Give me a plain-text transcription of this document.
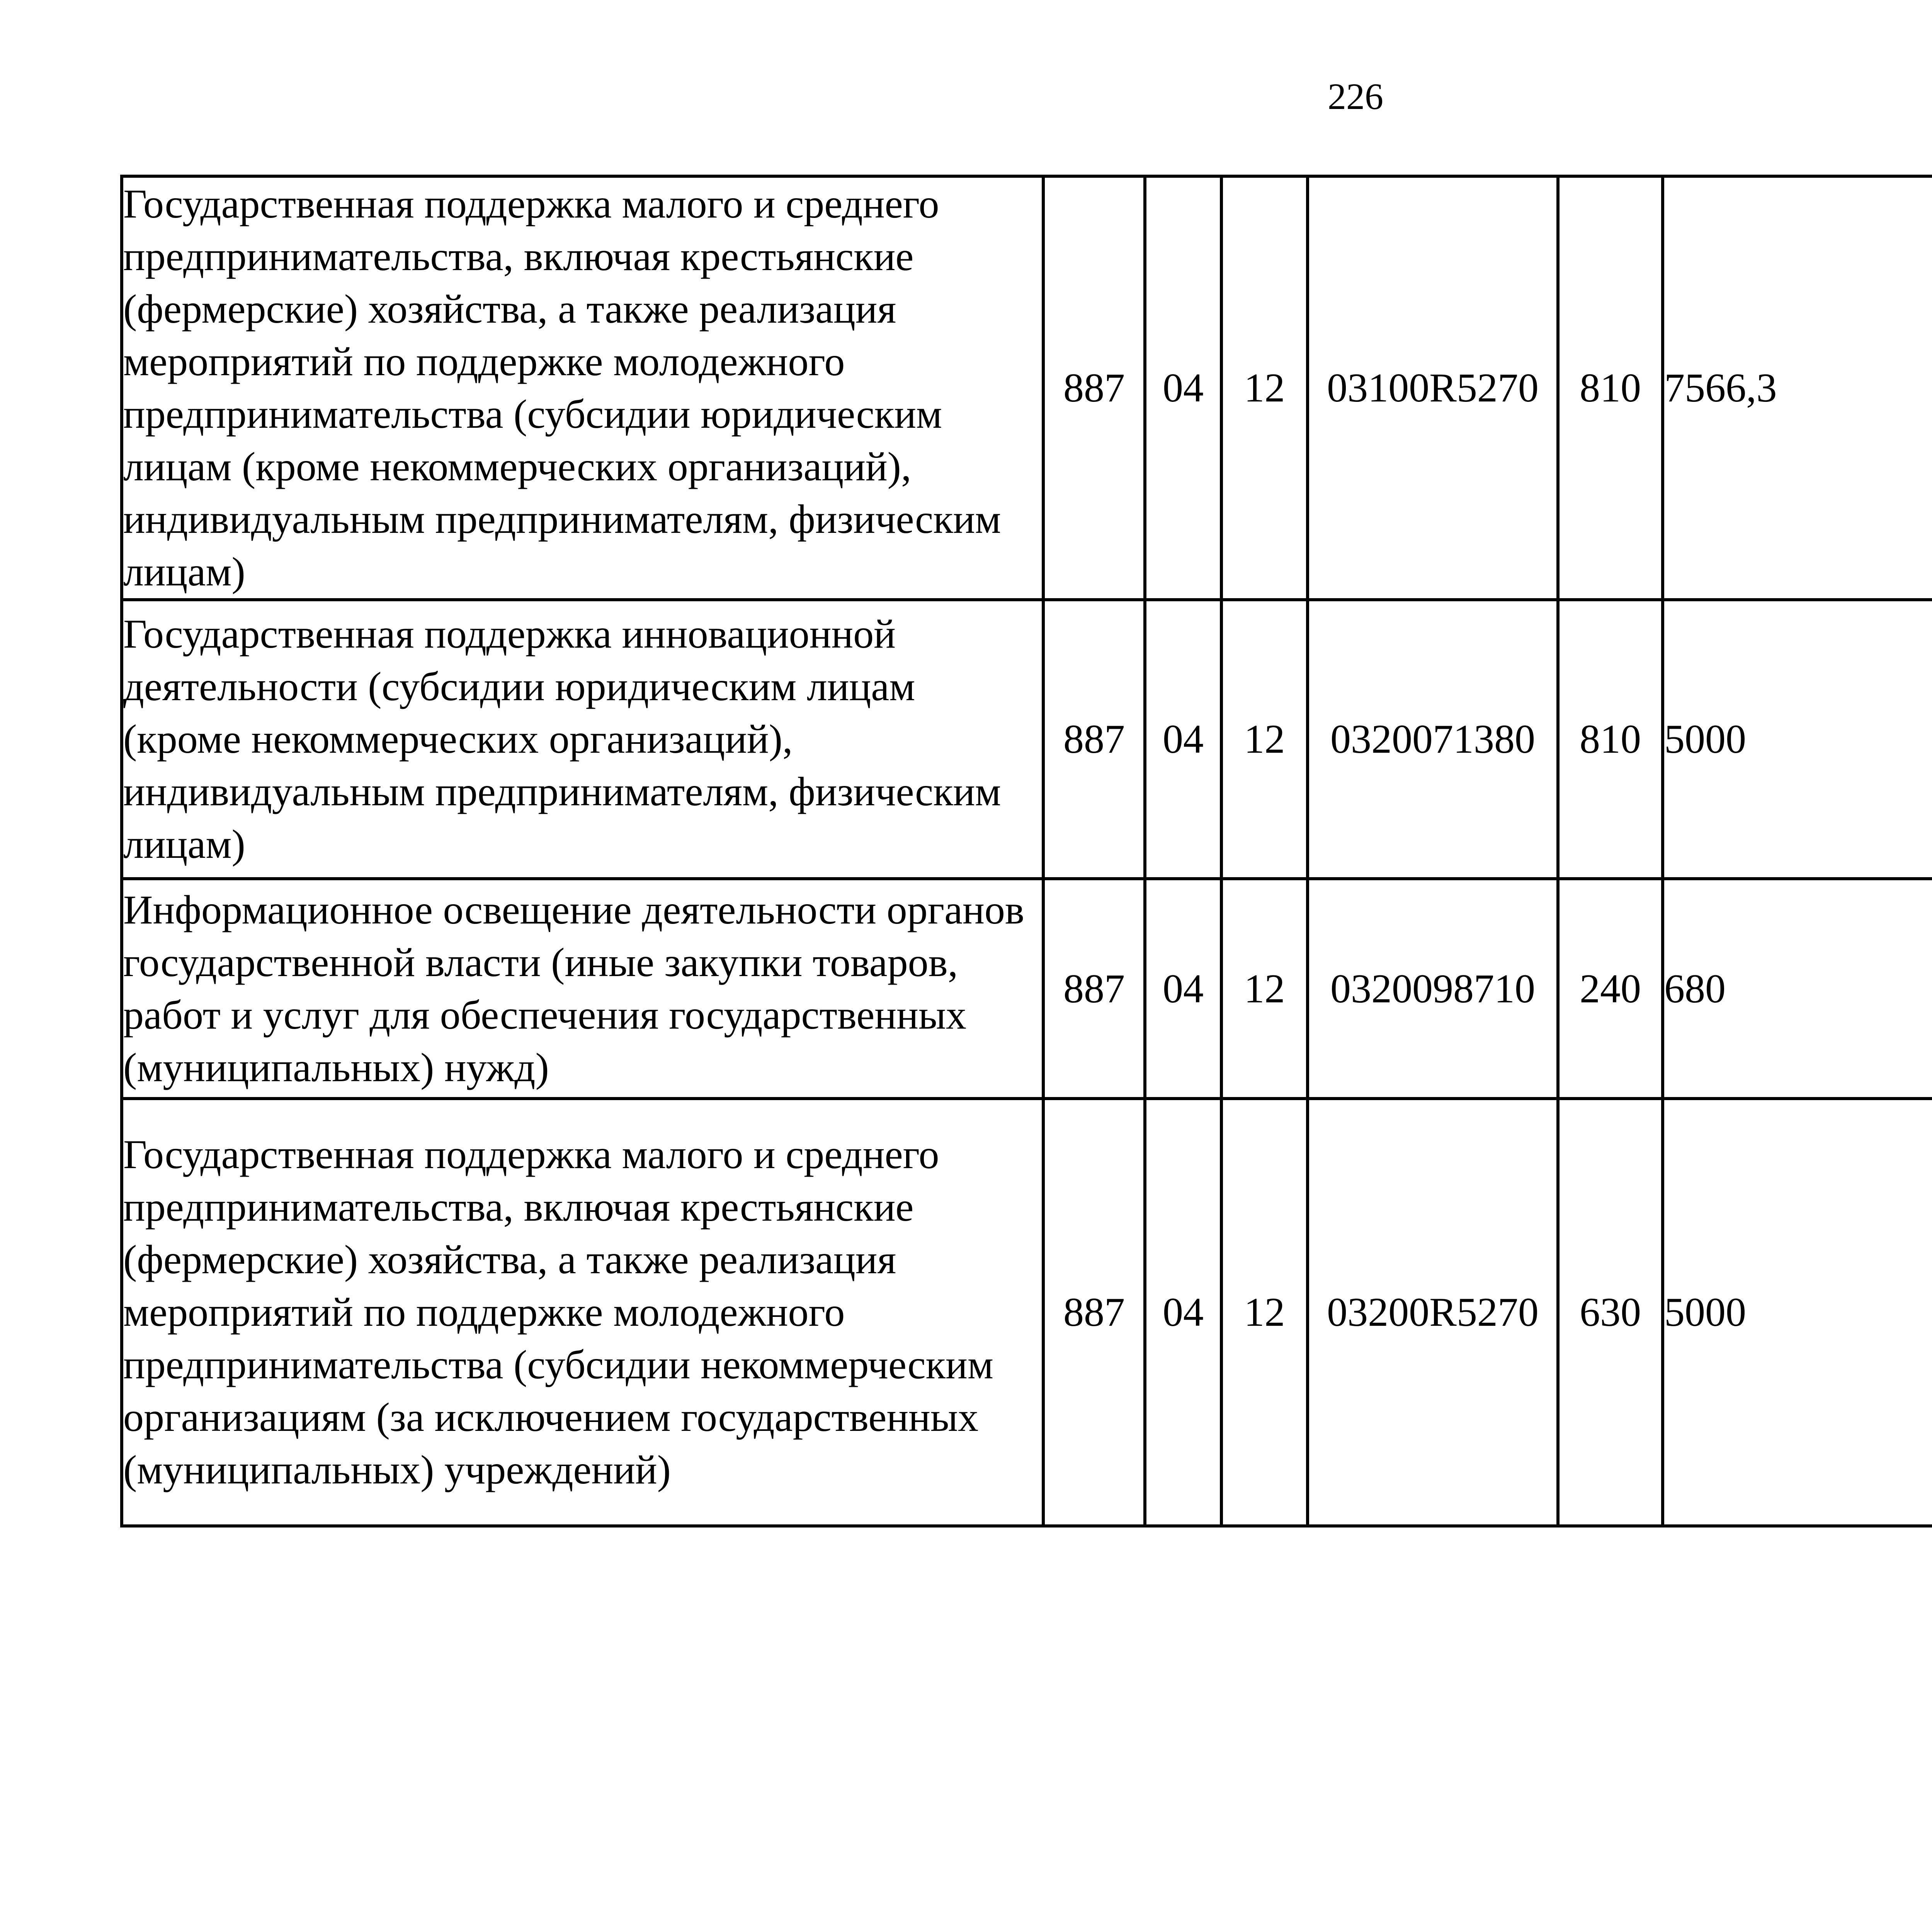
226
Государственная поддержка малого и среднего предпринимательства, включая крестьянские (фермерские) хозяйства, а также реализация мероприятий по поддержке молодежного предпринимательства (субсидии юридическим лицам (кроме некоммерческих организаций), индивидуальным предпринимателям, физическим лицам)	887	04	12	03100R5270	810	7566,3		
Государственная поддержка инновационной деятельности (субсидии юридическим лицам (кроме некоммерческих организаций), индивидуальным предпринимателям, физическим лицам)	887	04	12	0320071380	810	5000		
Информационное освещение деятельности органов государственной власти (иные закупки товаров, работ и услуг для обеспечения государственных (муниципальных) нужд)	887	04	12	0320098710	240	680		
Государственная поддержка малого и среднего предпринимательства, включая крестьянские (фермерские) хозяйства, а также реализация мероприятий по поддержке молодежного предпринимательства (субсидии некоммерческим организациям (за исключением государственных (муниципальных) учреждений)	887	04	12	03200R5270	630	5000		
